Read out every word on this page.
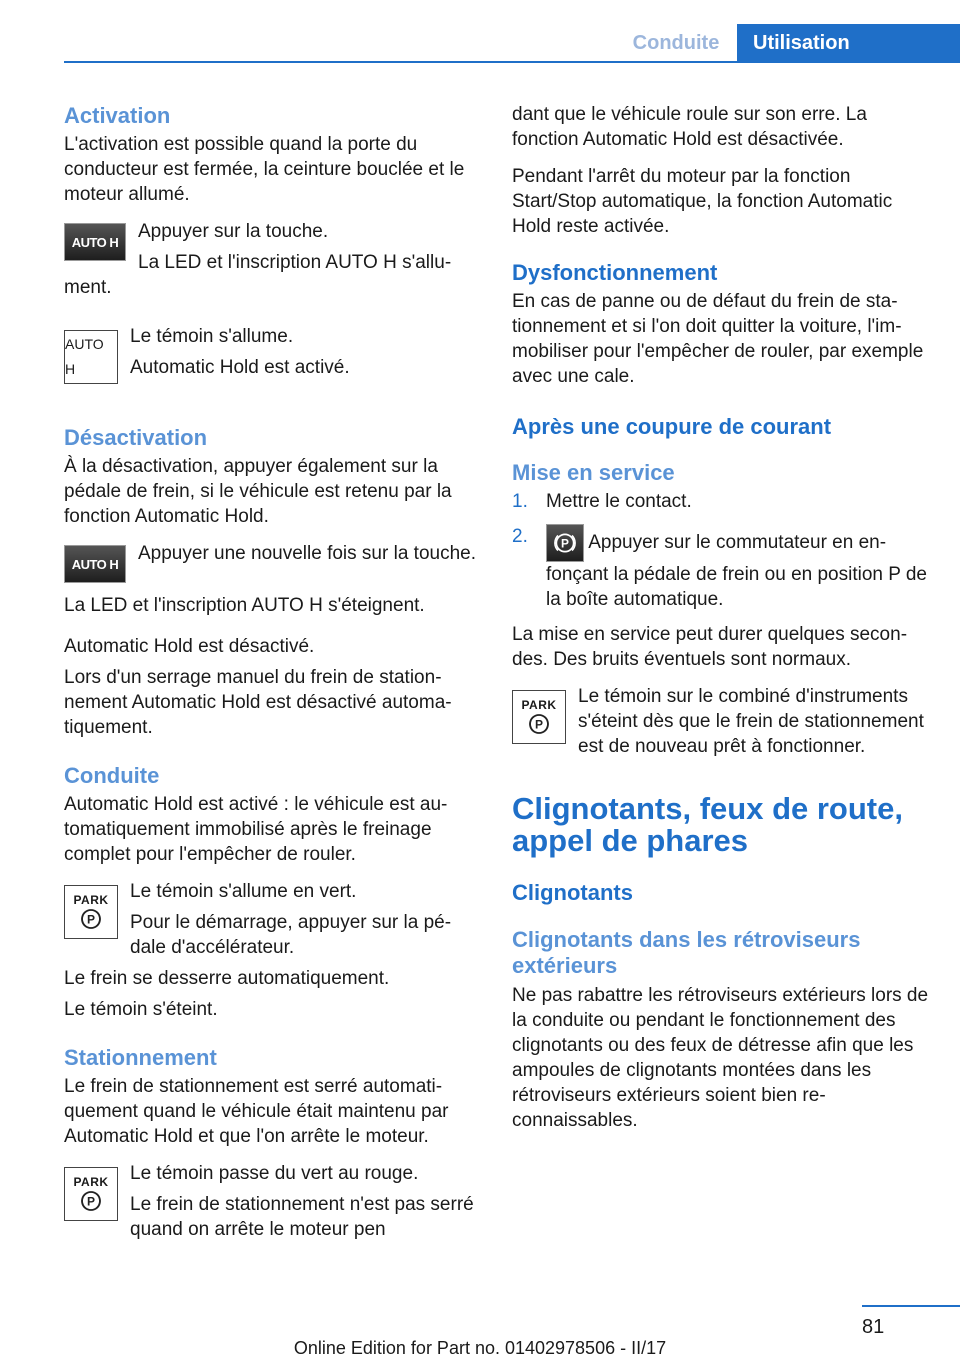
Conduite	Utilisation
Activation

L'activation est possible quand la porte du conducteur est fermée, la ceinture bouclée et le moteur allumé.

AUTO H	Appuyer sur la touche.

La LED et l'inscription AUTO H s'allument.

AUTO H

Le témoin s'allume.

Automatic Hold est activé.

Désactivation

À la désactivation, appuyer également sur la pédale de frein, si le véhicule est retenu par la fonction Automatic Hold.

AUTO H	Appuyer une nouvelle fois sur la touche.

La LED et l'inscription AUTO H s'éteignent.

Automatic Hold est désactivé.

Lors d'un serrage manuel du frein de stationnement Automatic Hold est désactivé automatiquement.

Conduite

Automatic Hold est activé : le véhicule est automatiquement immobilisé après le freinage complet pour l'empêcher de rouler.

PARK
P

Le témoin s'allume en vert.

Pour le démarrage, appuyer sur la pédale d'accélérateur.

Le frein se desserre automatiquement.

Le témoin s'éteint.

Stationnement

Le frein de stationnement est serré automatiquement quand le véhicule était maintenu par Automatic Hold et que l'on arrête le moteur.

PARK
P

Le témoin passe du vert au rouge.

Le frein de stationnement n'est pas serré quand on arrête le moteur pen

dant que le véhicule roule sur son erre. La fonction Automatic Hold est désactivée.

Pendant l'arrêt du moteur par la fonction Start/Stop automatique, la fonction Automatic Hold reste activée.

Dysfonctionnement

En cas de panne ou de défaut du frein de stationnement et si l'on doit quitter la voiture, l'immobiliser pour l'empêcher de rouler, par exemple avec une cale.

Après une coupure de courant
Mise en service
1. Mettre le contact.
2.	P Appuyer sur le commutateur en enfonçant la pédale de frein ou en position P de la boîte automatique.

La mise en service peut durer quelques secondes. Des bruits éventuels sont normaux.

PARK
P

Le témoin sur le combiné d'instruments s'éteint dès que le frein de stationnement est de nouveau prêt à fonctionner.

Clignotants, feux de route, appel de phares
Clignotants
Clignotants dans les rétroviseurs extérieurs

Ne pas rabattre les rétroviseurs extérieurs lors de la conduite ou pendant le fonctionnement des clignotants ou des feux de détresse afin que les ampoules de clignotants montées dans les rétroviseurs extérieurs soient bien reconnaissables.

81
Online Edition for Part no. 01402978506 - II/17
